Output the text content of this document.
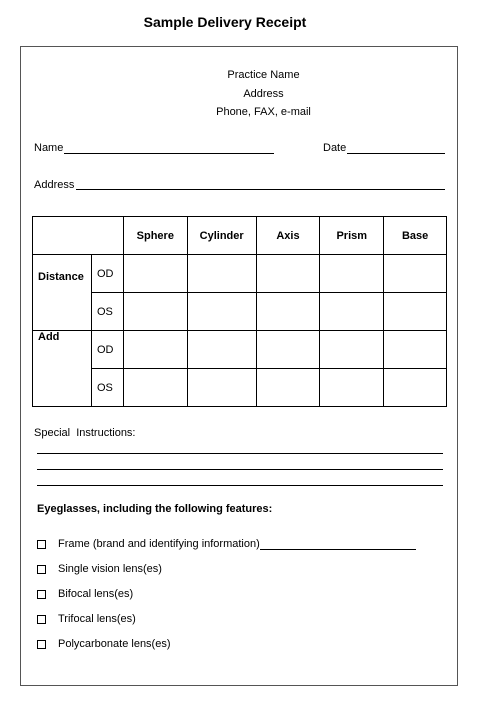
Sample Delivery Receipt
Practice Name
Address
Phone, FAX, e-mail
Name	Date
Address
		Sphere	Cylinder	Axis	Prism	Base
Distance	OD					
	OS					
Add	OD					
	OS					
Special  Instructions:
Eyeglasses, including the following features:
Frame (brand and identifying information)
Single vision lens(es)
Bifocal lens(es)
Trifocal lens(es)
Polycarbonate lens(es)
